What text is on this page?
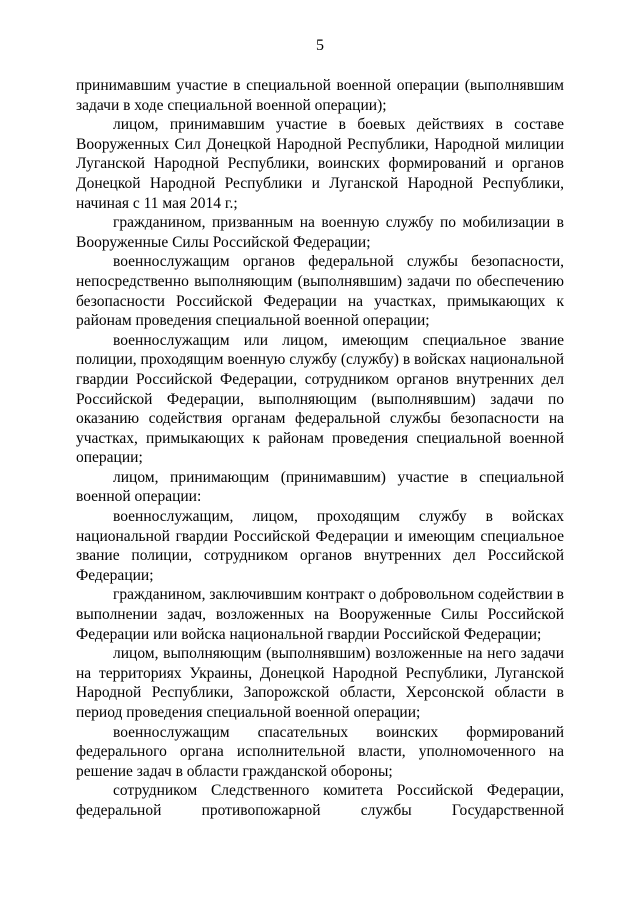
5

принимавшим участие в специальной военной операции (выполнявшим задачи в ходе специальной военной операции);

лицом, принимавшим участие в боевых действиях в составе Вооруженных Сил Донецкой Народной Республики, Народной милиции Луганской Народной Республики, воинских формирований и органов Донецкой Народной Республики и Луганской Народной Республики, начиная с 11 мая 2014 г.;

гражданином, призванным на военную службу по мобилизации в Вооруженные Силы Российской Федерации;

военнослужащим органов федеральной службы безопасности, непосредственно выполняющим (выполнявшим) задачи по обеспечению безопасности Российской Федерации на участках, примыкающих к районам проведения специальной военной операции;

военнослужащим или лицом, имеющим специальное звание полиции, проходящим военную службу (службу) в войсках национальной гвардии Российской Федерации, сотрудником органов внутренних дел Российской Федерации, выполняющим (выполнявшим) задачи по оказанию содействия органам федеральной службы безопасности на участках, примыкающих к районам проведения специальной военной операции;

лицом, принимающим (принимавшим) участие в специальной военной операции:

военнослужащим, лицом, проходящим службу в войсках национальной гвардии Российской Федерации и имеющим специальное звание полиции, сотрудником органов внутренних дел Российской Федерации;

гражданином, заключившим контракт о добровольном содействии в выполнении задач, возложенных на Вооруженные Силы Российской Федерации или войска национальной гвардии Российской Федерации;

лицом, выполняющим (выполнявшим) возложенные на него задачи на территориях Украины, Донецкой Народной Республики, Луганской Народной Республики, Запорожской области, Херсонской области в период проведения специальной военной операции;

военнослужащим спасательных воинских формирований федерального органа исполнительной власти, уполномоченного на решение задач в области гражданской обороны;

сотрудником Следственного комитета Российской Федерации, федеральной противопожарной службы Государственной
